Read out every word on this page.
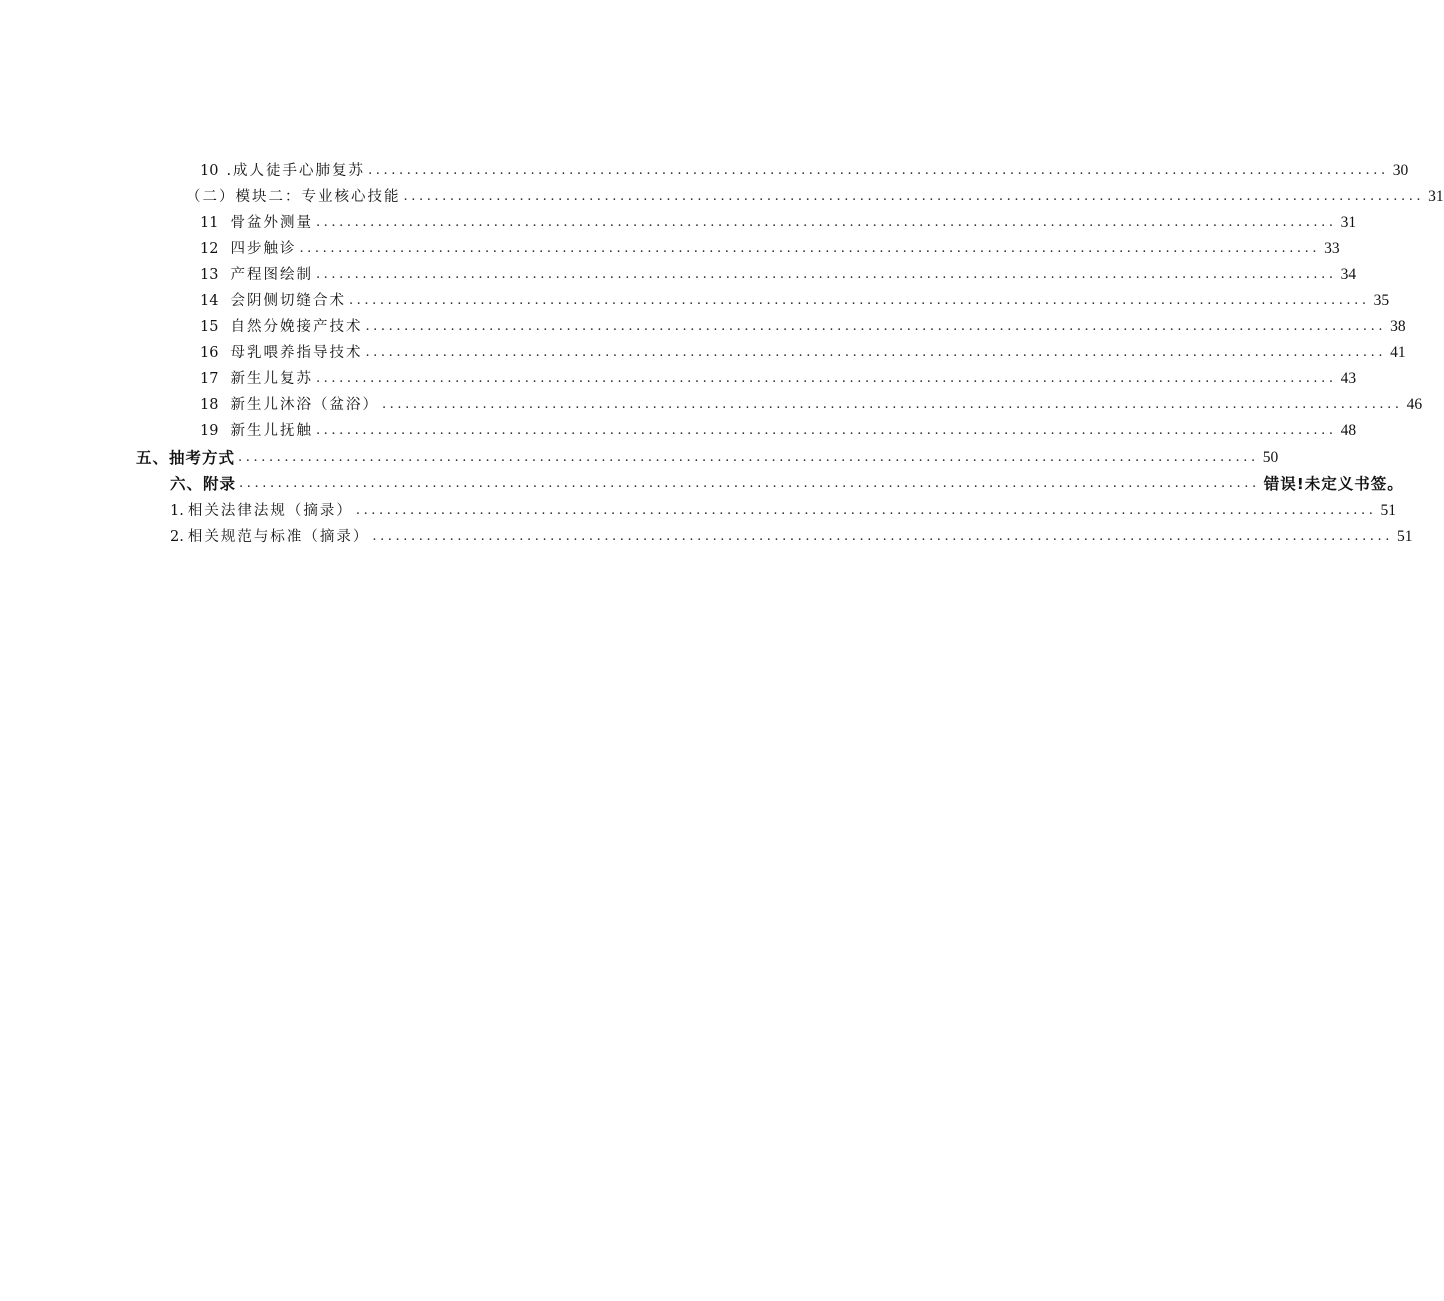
10 .成人徒手心肺复苏 .................................................................................................................................... 30
（二）模块二：专业核心技能 .................................................................................................................................... 31
11 骨盆外测量 .................................................................................................................................... 31
12 四步触诊 .................................................................................................................................... 33
13 产程图绘制 .................................................................................................................................... 34
14 会阴侧切缝合术 .................................................................................................................................... 35
15 自然分娩接产技术 .................................................................................................................................... 38
16 母乳喂养指导技术 .................................................................................................................................... 41
17 新生儿复苏 .................................................................................................................................... 43
18 新生儿沐浴（盆浴） .................................................................................................................................... 46
19 新生儿抚触 .................................................................................................................................... 48
五、抽考方式 .................................................................................................................................... 50
六、附录 .................................................................................................................................... 错误!未定义书签。
1. 相关法律法规（摘录） .................................................................................................................................... 51
2. 相关规范与标准（摘录） .................................................................................................................................... 51
